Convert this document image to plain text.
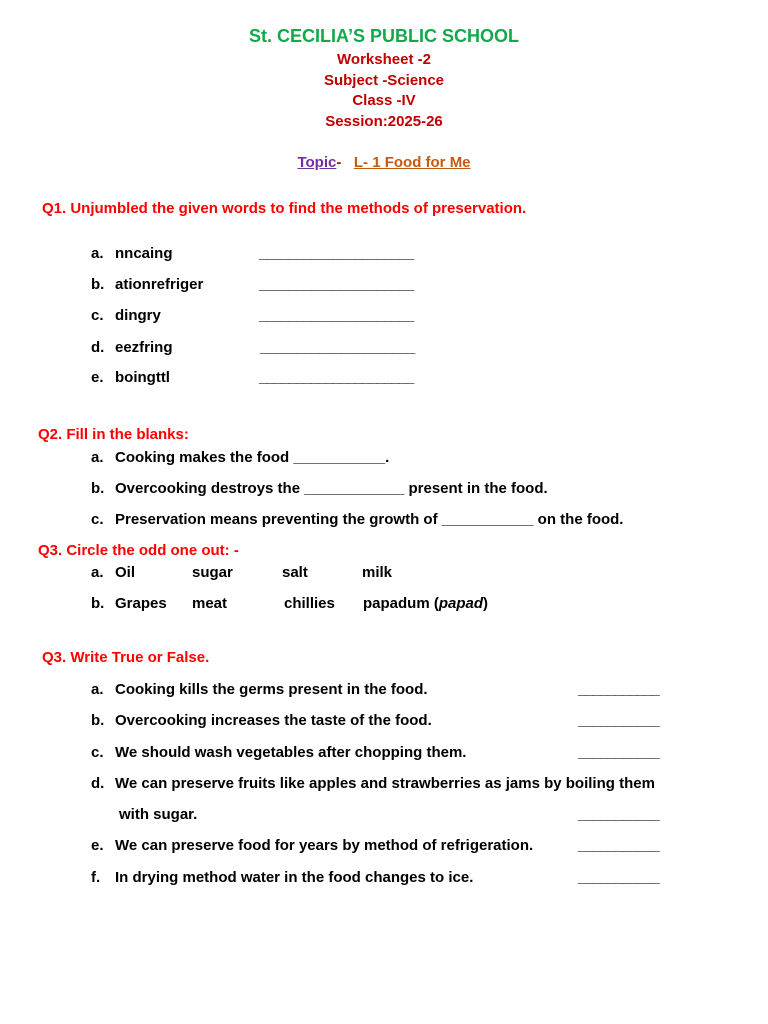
St. CECILIA’S PUBLIC SCHOOL
Worksheet -2
Subject -Science
Class -IV
Session:2025-26
Topic- L- 1 Food for Me
Q1. Unjumbled the given words to find the methods of preservation.
a. nncaing	_____________________
b. ationrefriger	_____________________
c. dingry	_____________________
d. eezfring	_____________________
e. boingttl	_____________________
Q2. Fill in the blanks:
a. Cooking makes the food ___________.
b. Overcooking destroys the ____________ present in the food.
c. Preservation means preventing the growth of ___________ on the food.
Q3. Circle the odd one out: -
a. Oil	sugar	salt	milk
b. Grapes meat	chillies papadum (papad)
Q3. Write True or False.
a. Cooking kills the germs present in the food.	___________
b. Overcooking increases the taste of the food.	___________
c. We should wash vegetables after chopping them.	___________
d. We can preserve fruits like apples and strawberries as jams by boiling them
with sugar.	___________
e. We can preserve food for years by method of refrigeration.	___________
f. In drying method water in the food changes to ice.	___________
